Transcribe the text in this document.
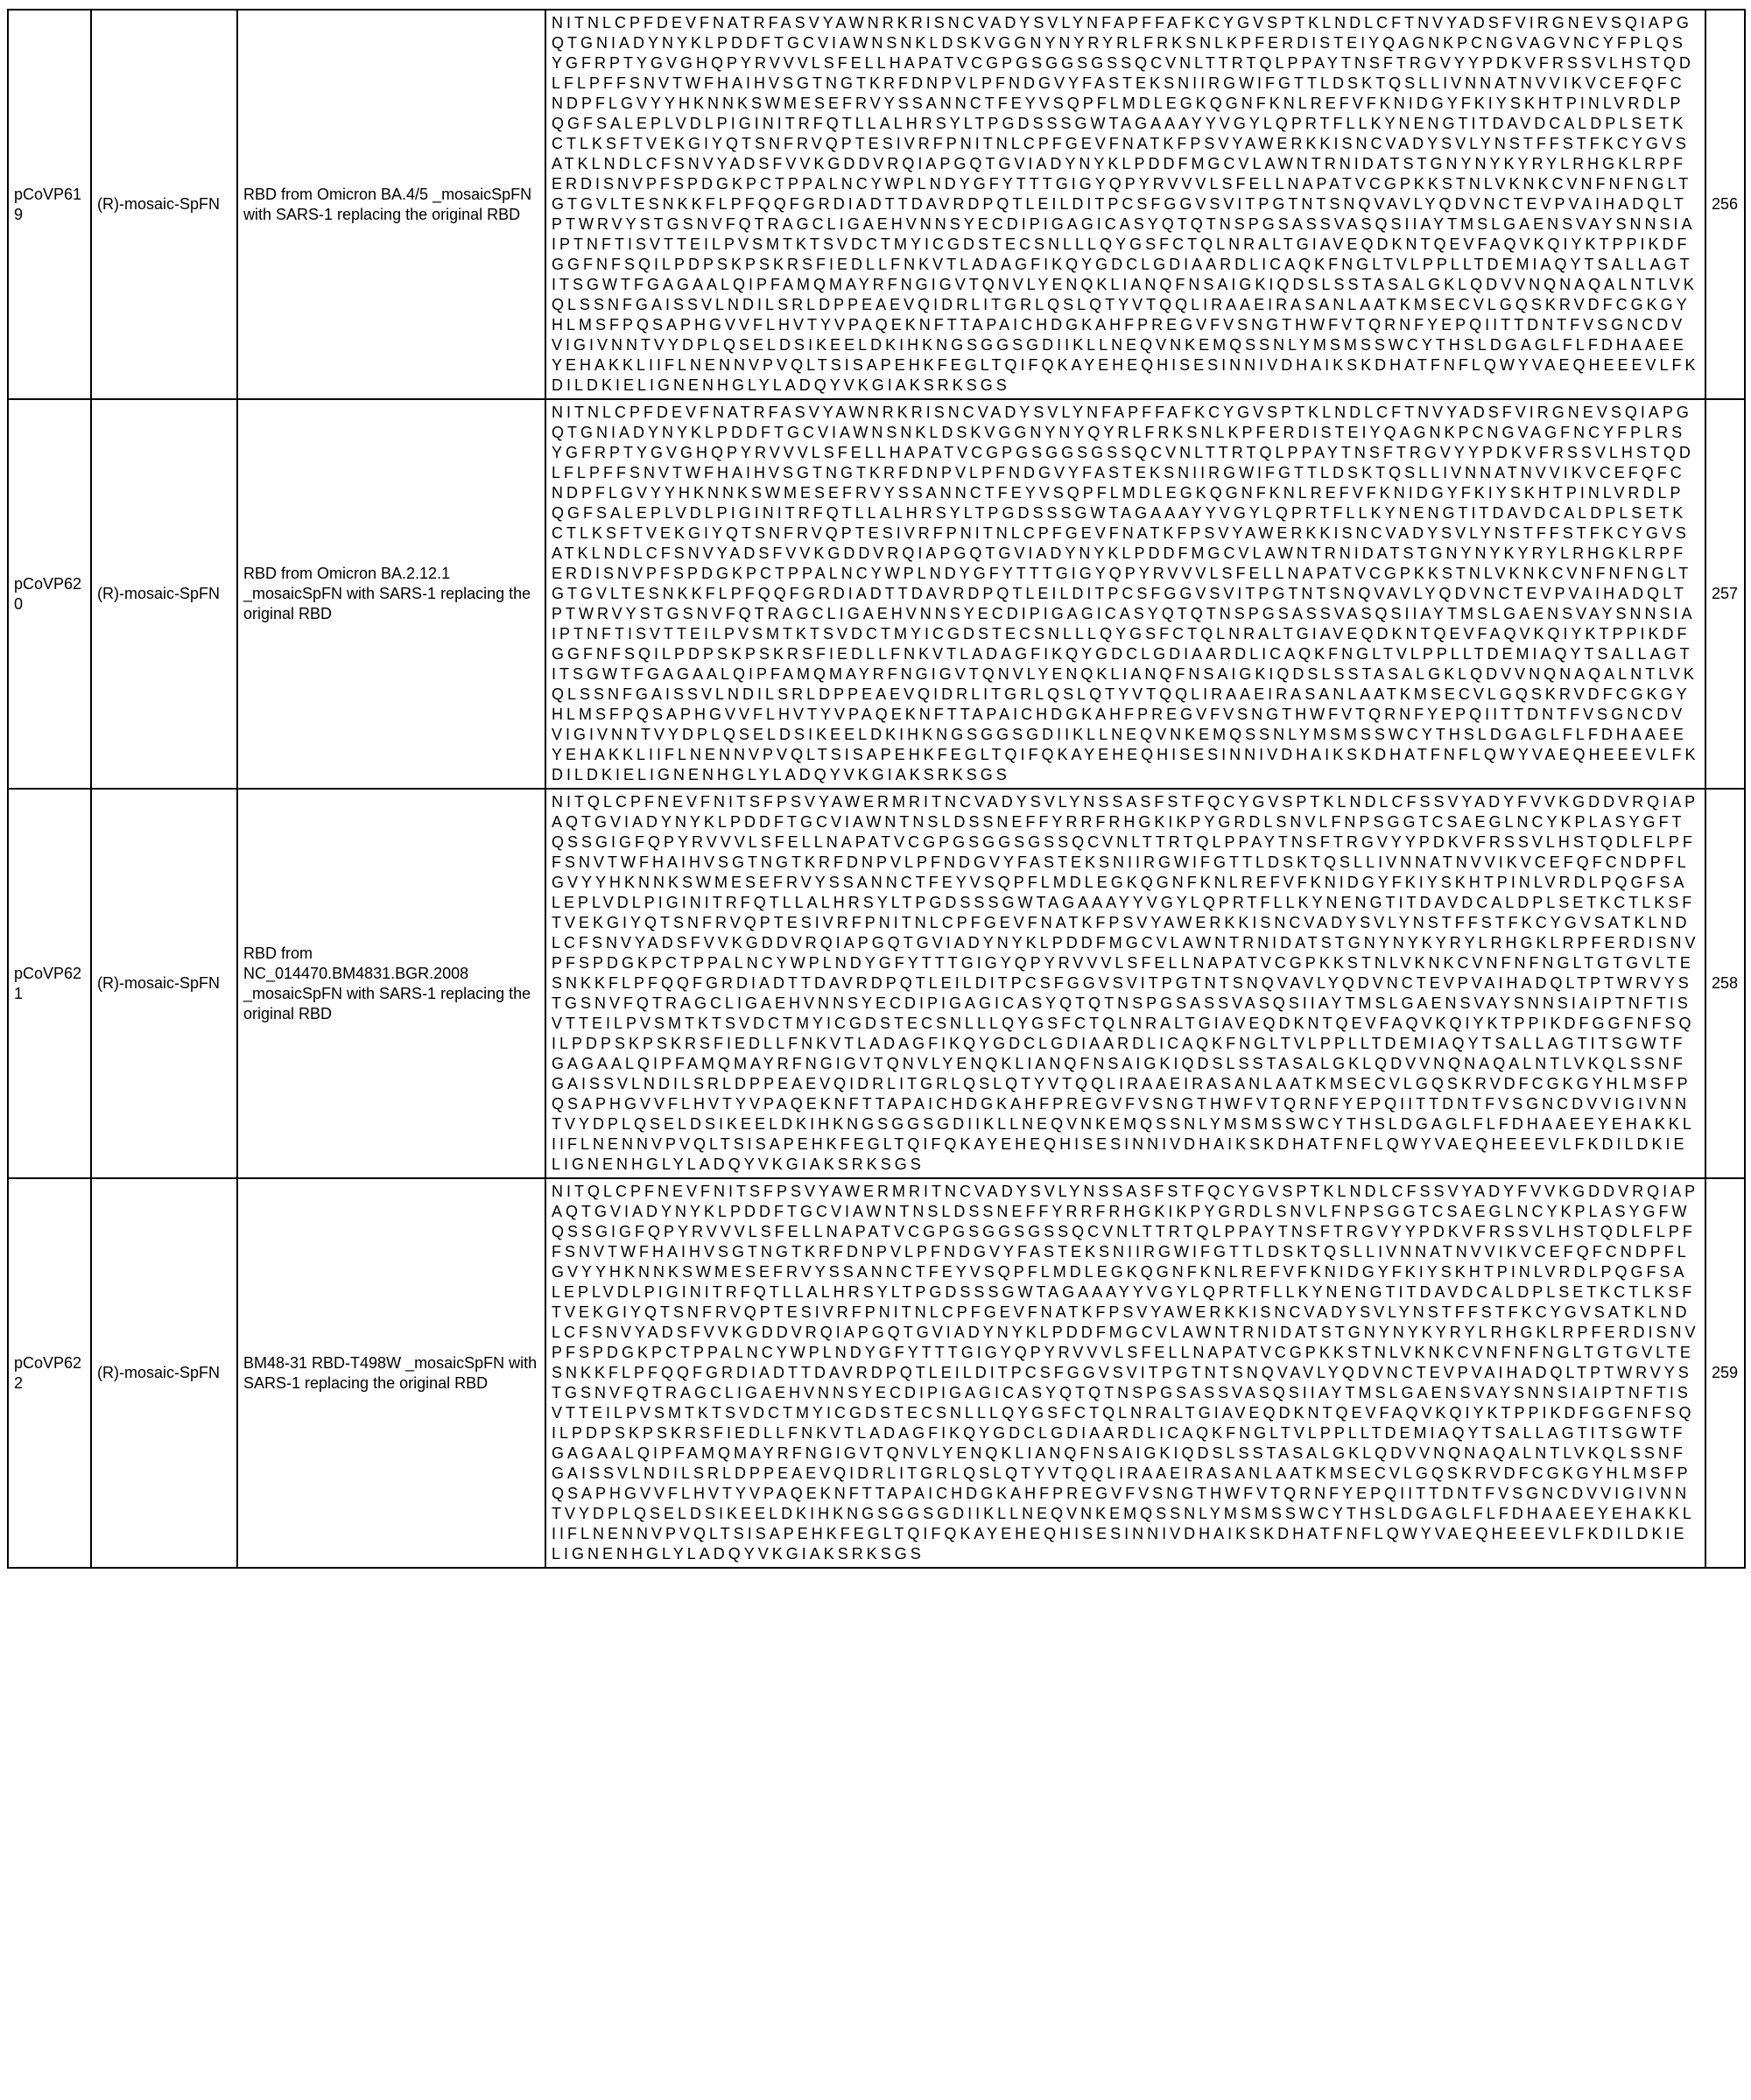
pCoVP619	(R)-mosaic-SpFN	RBD from Omicron BA.4/5 _mosaicSpFN with SARS-1 replacing the original RBD	NITNLCPFDEVFNATRFASVYAWNRKRISNCVADYSVLYNFAPFFAFKCYGVSPTKLNDLCFTNVYADSFVIRGNEVSQIAPGQTGNIADYNYKLPDDFTGCVIAWNSNKLDSKVGGNYNYRYRLFRKSNLKPFERDISTEIYQAGNKPCNGVAGVNCYFPLQSYGFRPTYGVGHQPYRVVVLSFELLHAPATVCGPGSGGSGSSQCVNLTTRTQLPPAYTNSFTRGVYYPDKVFRSSVLHSTQDLFLPFFSNVTWFHAIHVSGTNGTKRFDNPVLPFNDGVYFASTEKSNIIRGWIFGTTLDSKTQSLLIVNNATNVVIKVCEFQFCNDPFLGVYYHKNNKSWMESEFRVYSSANNCTFEYVSQPFLMDLEGKQGNFKNLREFVFKNIDGYFKIYSKHTPINLVRDLPQGFSALEPLVDLPIGINITRFQTLLALHRSYLTPGDSSSGWTAGAAAYYVGYLQPRTFLLKYNENGTITDAVDCALDPLSETKCTLKSFTVEKGIYQTSNFRVQPTESIVRFPNITNLCPFGEVFNATKFPSVYAWERKKISNCVADYSVLYNSTFFSTFKCYGVSATKLNDLCFSNVYADSFVVKGDDVRQIAPGQTGVIADYNYKLPDDFMGCVLAWNTRNIDATSTGNYNYKYRYLRHGKLRPFERDISNVPFSPDGKPCTPPALNCYWPLNDYGFYTTTGIGYQPYRVVVLSFELLNAPATVCGPKKSTNLVKNKCVNFNFNGLTGTGVLTESNKKFLPFQQFGRDIADTTDAVRDPQTLEILDITPCSFGGVSVITPGTNTSNQVAVLYQDVNCTEVPVAIHADQLTPTWRVYSTGSNVFQTRAGCLIGAEHVNNSYECDIPIGAGICASYQTQTNSPGSASSVASQSIIAYTMSLGAENSVAYSNNSIAIPTNFTISVTTEILPVSMTKTSVDCTMYICGDSTECSNLLLQYGSFCTQLNRALTGIAVEQDKNTQEVFAQVKQIYKTPPIKDFGGFNFSQILPDPSKPSKRSFIEDLLFNKVTLADAGFIKQYGDCLGDIAARDLICAQKFNGLTVLPPLLTDEMIAQYTSALLAGTITSGWTFGAGAALQIPFAMQMAYRFNGIGVTQNVLYENQKLIANQFNSAIGKIQDSLSSTASALGKLQDVVNQNAQALNTLVKQLSSNFGAISSVLNDILSRLDPPEAEVQIDRLITGRLQSLQTYVTQQLIRAAEIRASANLAATKMSECVLGQSKRVDFCGKGYHLMSFPQSAPHGVVFLHVTYVPAQEKNFTTAPAICHDGKAHFPREGVFVSNGTHWFVTQRNFYEPQIITTDNTFVSGNCDVVIGIVNNTVYDPLQSELDSIKEELDKIHKNGSGGSGDIIKLLNEQVNKEMQSSNLYMSMSSWCYTHSLDGAGLFLFDHAAEEYEHAKKLIIFLNENNVPVQLTSISAPEHKFEGLTQIFQKAYEHEQHISESINNIVDHAIKSKDHATFNFLQWYVAEQHEEEVLFKDILDKIELIGNENHGLYLADQYVKGIAKSRKSGS	256
pCoVP620	(R)-mosaic-SpFN	RBD from Omicron BA.2.12.1 _mosaicSpFN with SARS-1 replacing the original RBD	NITNLCPFDEVFNATRFASVYAWNRKRISNCVADYSVLYNFAPFFAFKCYGVSPTKLNDLCFTNVYADSFVIRGNEVSQIAPGQTGNIADYNYKLPDDFTGCVIAWNSNKLDSKVGGNYNYQYRLFRKSNLKPFERDISTEIYQAGNKPCNGVAGFNCYFPLRSYGFRPTYGVGHQPYRVVVLSFELLHAPATVCGPGSGGSGSSQCVNLTTRTQLPPAYTNSFTRGVYYPDKVFRSSVLHSTQDLFLPFFSNVTWFHAIHVSGTNGTKRFDNPVLPFNDGVYFASTEKSNIIRGWIFGTTLDSKTQSLLIVNNATNVVIKVCEFQFCNDPFLGVYYHKNNKSWMESEFRVYSSANNCTFEYVSQPFLMDLEGKQGNFKNLREFVFKNIDGYFKIYSKHTPINLVRDLPQGFSALEPLVDLPIGINITRFQTLLALHRSYLTPGDSSSGWTAGAAAYYVGYLQPRTFLLKYNENGTITDAVDCALDPLSETKCTLKSFTVEKGIYQTSNFRVQPTESIVRFPNITNLCPFGEVFNATKFPSVYAWERKKISNCVADYSVLYNSTFFSTFKCYGVSATKLNDLCFSNVYADSFVVKGDDVRQIAPGQTGVIADYNYKLPDDFMGCVLAWNTRNIDATSTGNYNYKYRYLRHGKLRPFERDISNVPFSPDGKPCTPPALNCYWPLNDYGFYTTTGIGYQPYRVVVLSFELLNAPATVCGPKKSTNLVKNKCVNFNFNGLTGTGVLTESNKKFLPFQQFGRDIADTTDAVRDPQTLEILDITPCSFGGVSVITPGTNTSNQVAVLYQDVNCTEVPVAIHADQLTPTWRVYSTGSNVFQTRAGCLIGAEHVNNSYECDIPIGAGICASYQTQTNSPGSASSVASQSIIAYTMSLGAENSVAYSNNSIAIPTNFTISVTTEILPVSMTKTSVDCTMYICGDSTECSNLLLQYGSFCTQLNRALTGIAVEQDKNTQEVFAQVKQIYKTPPIKDFGGFNFSQILPDPSKPSKRSFIEDLLFNKVTLADAGFIKQYGDCLGDIAARDLICAQKFNGLTVLPPLLTDEMIAQYTSALLAGTITSGWTFGAGAALQIPFAMQMAYRFNGIGVTQNVLYENQKLIANQFNSAIGKIQDSLSSTASALGKLQDVVNQNAQALNTLVKQLSSNFGAISSVLNDILSRLDPPEAEVQIDRLITGRLQSLQTYVTQQLIRAAEIRASANLAATKMSECVLGQSKRVDFCGKGYHLMSFPQSAPHGVVFLHVTYVPAQEKNFTTAPAICHDGKAHFPREGVFVSNGTHWFVTQRNFYEPQIITTDNTFVSGNCDVVIGIVNNTVYDPLQSELDSIKEELDKIHKNGSGGSGDIIKLLNEQVNKEMQSSNLYMSMSSWCYTHSLDGAGLFLFDHAAEEYEHAKKLIIFLNENNVPVQLTSISAPEHKFEGLTQIFQKAYEHEQHISESINNIVDHAIKSKDHATFNFLQWYVAEQHEEEVLFKDILDKIELIGNENHGLYLADQYVKGIAKSRKSGS	257
pCoVP621	(R)-mosaic-SpFN	RBD from NC_014470.BM4831.BGR.2008 _mosaicSpFN with SARS-1 replacing the original RBD	NITQLCPFNEVFNITSFPSVYAWERMRITNCVADYSVLYNSSASFSTFQCYGVSPTKLNDLCFSSVYADYFVVKGDDVRQIAPAQTGVIADYNYKLPDDFTGCVIAWNTNSLDSSNEFFYRRFRHGKIKPYGRDLSNVLFNPSGGTCSAEGLNCYKPLASYGFTQSSGIGFQPYRVVVLSFELLNAPATVCGPGSGGSGSSQCVNLTTRTQLPPAYTNSFTRGVYYPDKVFRSSVLHSTQDLFLPFFSNVTWFHAIHVSGTNGTKRFDNPVLPFNDGVYFASTEKSNIIRGWIFGTTLDSKTQSLLIVNNATNVVIKVCEFQFCNDPFLGVYYHKNNKSWMESEFRVYSSANNCTFEYVSQPFLMDLEGKQGNFKNLREFVFKNIDGYFKIYSKHTPINLVRDLPQGFSALEPLVDLPIGINITRFQTLLALHRSYLTPGDSSSGWTAGAAAYYVGYLQPRTFLLKYNENGTITDAVDCALDPLSETKCTLKSFTVEKGIYQTSNFRVQPTESIVRFPNITNLCPFGEVFNATKFPSVYAWERKKISNCVADYSVLYNSTFFSTFKCYGVSATKLNDLCFSNVYADSFVVKGDDVRQIAPGQTGVIADYNYKLPDDFMGCVLAWNTRNIDATSTGNYNYKYRYLRHGKLRPFERDISNVPFSPDGKPCTPPALNCYWPLNDYGFYTTTGIGYQPYRVVVLSFELLNAPATVCGPKKSTNLVKNKCVNFNFNGLTGTGVLTESNKKFLPFQQFGRDIADTTDAVRDPQTLEILDITPCSFGGVSVITPGTNTSNQVAVLYQDVNCTEVPVAIHADQLTPTWRVYSTGSNVFQTRAGCLIGAEHVNNSYECDIPIGAGICASYQTQTNSPGSASSVASQSIIAYTMSLGAENSVAYSNNSIAIPTNFTISVTTEILPVSMTKTSVDCTMYICGDSTECSNLLLQYGSFCTQLNRALTGIAVEQDKNTQEVFAQVKQIYKTPPIKDFGGFNFSQILPDPSKPSKRSFIEDLLFNKVTLADAGFIKQYGDCLGDIAARDLICAQKFNGLTVLPPLLTDEMIAQYTSALLAGTITSGWTFGAGAALQIPFAMQMAYRFNGIGVTQNVLYENQKLIANQFNSAIGKIQDSLSSTASALGKLQDVVNQNAQALNTLVKQLSSNFGAISSVLNDILSRLDPPEAEVQIDRLITGRLQSLQTYVTQQLIRAAEIRASANLAATKMSECVLGQSKRVDFCGKGYHLMSFPQSAPHGVVFLHVTYVPAQEKNFTTAPAICHDGKAHFPREGVFVSNGTHWFVTQRNFYEPQIITTDNTFVSGNCDVVIGIVNNTVYDPLQSELDSIKEELDKIHKNGSGGSGDIIKLLNEQVNKEMQSSNLYMSMSSWCYTHSLDGAGLFLFDHAAEEYEHAKKLIIFLNENNVPVQLTSISAPEHKFEGLTQIFQKAYEHEQHISESINNIVDHAIKSKDHATFNFLQWYVAEQHEEEVLFKDILDKIELIGNENHGLYLADQYVKGIAKSRKSGS	258
pCoVP622	(R)-mosaic-SpFN	BM48-31 RBD-T498W _mosaicSpFN with SARS-1 replacing the original RBD	NITQLCPFNEVFNITSFPSVYAWERMRITNCVADYSVLYNSSASFSTFQCYGVSPTKLNDLCFSSVYADYFVVKGDDVRQIAPAQTGVIADYNYKLPDDFTGCVIAWNTNSLDSSNEFFYRRFRHGKIKPYGRDLSNVLFNPSGGTCSAEGLNCYKPLASYGFWQSSGIGFQPYRVVVLSFELLNAPATVCGPGSGGSGSSQCVNLTTRTQLPPAYTNSFTRGVYYPDKVFRSSVLHSTQDLFLPFFSNVTWFHAIHVSGTNGTKRFDNPVLPFNDGVYFASTEKSNIIRGWIFGTTLDSKTQSLLIVNNATNVVIKVCEFQFCNDPFLGVYYHKNNKSWMESEFRVYSSANNCTFEYVSQPFLMDLEGKQGNFKNLREFVFKNIDGYFKIYSKHTPINLVRDLPQGFSALEPLVDLPIGINITRFQTLLALHRSYLTPGDSSSGWTAGAAAYYVGYLQPRTFLLKYNENGTITDAVDCALDPLSETKCTLKSFTVEKGIYQTSNFRVQPTESIVRFPNITNLCPFGEVFNATKFPSVYAWERKKISNCVADYSVLYNSTFFSTFKCYGVSATKLNDLCFSNVYADSFVVKGDDVRQIAPGQTGVIADYNYKLPDDFMGCVLAWNTRNIDATSTGNYNYKYRYLRHGKLRPFERDISNVPFSPDGKPCTPPALNCYWPLNDYGFYTTTGIGYQPYRVVVLSFELLNAPATVCGPKKSTNLVKNKCVNFNFNGLTGTGVLTESNKKFLPFQQFGRDIADTTDAVRDPQTLEILDITPCSFGGVSVITPGTNTSNQVAVLYQDVNCTEVPVAIHADQLTPTWRVYSTGSNVFQTRAGCLIGAEHVNNSYECDIPIGAGICASYQTQTNSPGSASSVASQSIIAYTMSLGAENSVAYSNNSIAIPTNFTISVTTEILPVSMTKTSVDCTMYICGDSTECSNLLLQYGSFCTQLNRALTGIAVEQDKNTQEVFAQVKQIYKTPPIKDFGGFNFSQILPDPSKPSKRSFIEDLLFNKVTLADAGFIKQYGDCLGDIAARDLICAQKFNGLTVLPPLLTDEMIAQYTSALLAGTITSGWTFGAGAALQIPFAMQMAYRFNGIGVTQNVLYENQKLIANQFNSAIGKIQDSLSSTASALGKLQDVVNQNAQALNTLVKQLSSNFGAISSVLNDILSRLDPPEAEVQIDRLITGRLQSLQTYVTQQLIRAAEIRASANLAATKMSECVLGQSKRVDFCGKGYHLMSFPQSAPHGVVFLHVTYVPAQEKNFTTAPAICHDGKAHFPREGVFVSNGTHWFVTQRNFYEPQIITTDNTFVSGNCDVVIGIVNNTVYDPLQSELDSIKEELDKIHKNGSGGSGDIIKLLNEQVNKEMQSSNLYMSMSSWCYTHSLDGAGLFLFDHAAEEYEHAKKLIIFLNENNVPVQLTSISAPEHKFEGLTQIFQKAYEHEQHISESINNIVDHAIKSKDHATFNFLQWYVAEQHEEEVLFKDILDKIELIGNENHGLYLADQYVKGIAKSRKSGS	259
